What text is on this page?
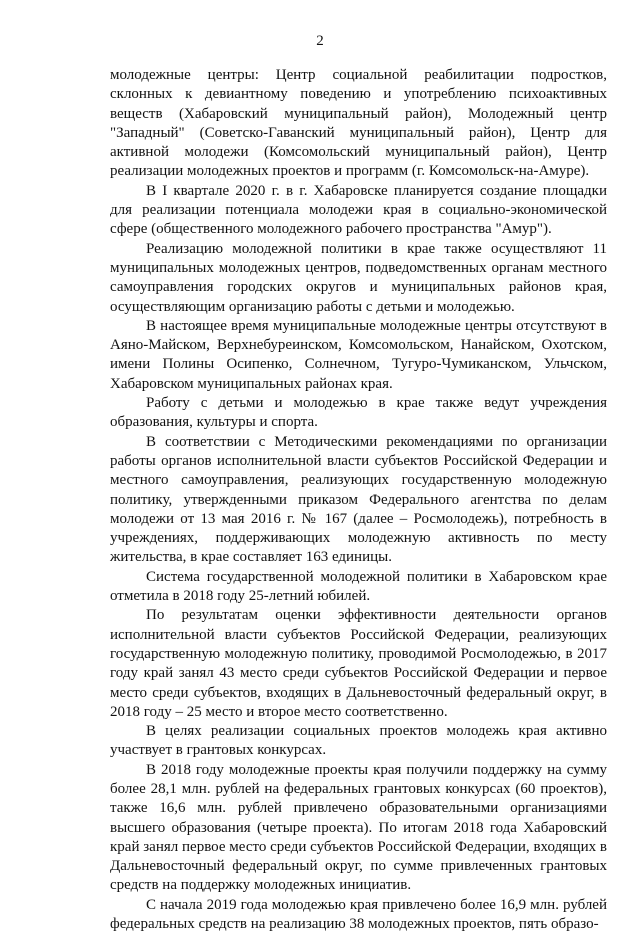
2

молодежные центры: Центр социальной реабилитации подростков, склонных к девиантному поведению и употреблению психоактивных веществ (Хабаровский муниципальный район), Молодежный центр "Западный" (Советско-Гаванский муниципальный район), Центр для активной молодежи (Комсомольский муниципальный район), Центр реализации молодежных проектов и программ (г. Комсомольск-на-Амуре).

В I квартале 2020 г. в г. Хабаровске планируется создание площадки для реализации потенциала молодежи края в социально-экономической сфере (общественного молодежного рабочего пространства "Амур").

Реализацию молодежной политики в крае также осуществляют 11 муниципальных молодежных центров, подведомственных органам местного самоуправления городских округов и муниципальных районов края, осуществляющим организацию работы с детьми и молодежью.

В настоящее время муниципальные молодежные центры отсутствуют в Аяно-Майском, Верхнебуреинском, Комсомольском, Нанайском, Охотском, имени Полины Осипенко, Солнечном, Тугуро-Чумиканском, Ульчском, Хабаровском муниципальных районах края.

Работу с детьми и молодежью в крае также ведут учреждения образования, культуры и спорта.

В соответствии с Методическими рекомендациями по организации работы органов исполнительной власти субъектов Российской Федерации и местного самоуправления, реализующих государственную молодежную политику, утвержденными приказом Федерального агентства по делам молодежи от 13 мая 2016 г. № 167 (далее – Росмолодежь), потребность в учреждениях, поддерживающих молодежную активность по месту жительства, в крае составляет 163 единицы.

Система государственной молодежной политики в Хабаровском крае отметила в 2018 году 25-летний юбилей.

По результатам оценки эффективности деятельности органов исполнительной власти субъектов Российской Федерации, реализующих государственную молодежную политику, проводимой Росмолодежью, в 2017 году край занял 43 место среди субъектов Российской Федерации и первое место среди субъектов, входящих в Дальневосточный федеральный округ, в 2018 году – 25 место и второе место соответственно.

В целях реализации социальных проектов молодежь края активно участвует в грантовых конкурсах.

В 2018 году молодежные проекты края получили поддержку на сумму более 28,1 млн. рублей на федеральных грантовых конкурсах (60 проектов), также 16,6 млн. рублей привлечено образовательными организациями высшего образования (четыре проекта). По итогам 2018 года Хабаровский край занял первое место среди субъектов Российской Федерации, входящих в Дальневосточный федеральный округ, по сумме привлеченных грантовых средств на поддержку молодежных инициатив.

С начала 2019 года молодежью края привлечено более 16,9 млн. рублей федеральных средств на реализацию 38 молодежных проектов, пять образо-
